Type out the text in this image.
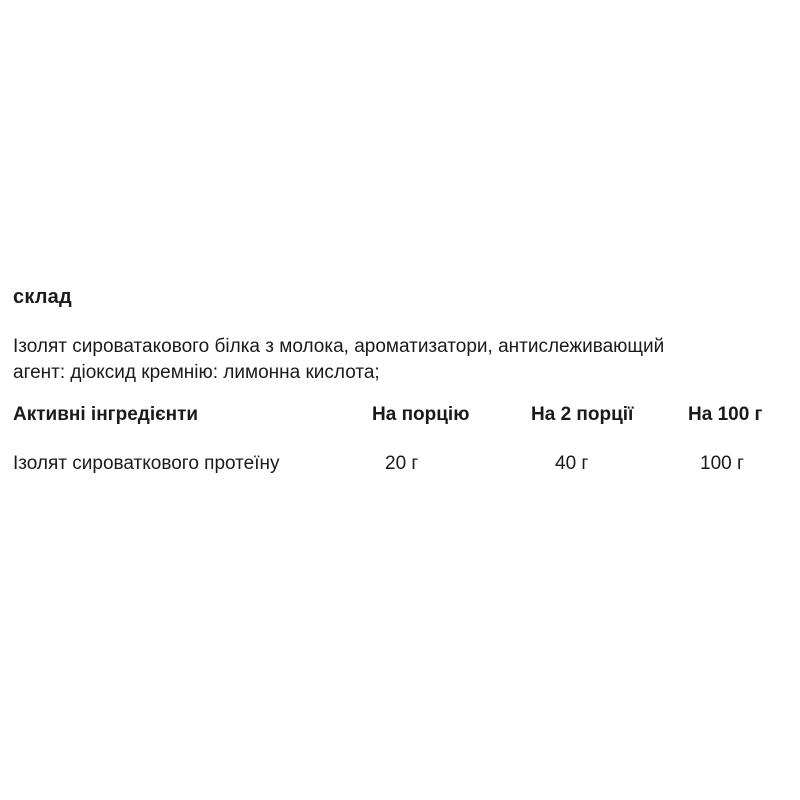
склад

Ізолят сироватакового білка з молока, ароматизатори, антислеживающий
агент: діоксид кремнію: лимонна кислота;

Активні інгредієнти	На порцію	На 2 порції	На 100 г
Ізолят сироваткового протеїну	20 г	40 г	100 г
